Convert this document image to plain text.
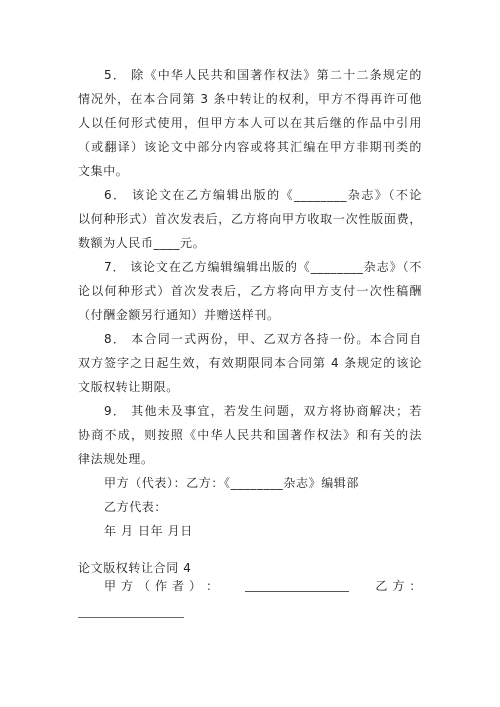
5． 除《中华人民共和国著作权法》第二十二条规定的
情况外，在本合同第 3 条中转让的权利，甲方不得再许可他
人以任何形式使用，但甲方本人可以在其后继的作品中引用
（或翻译）该论文中部分内容或将其汇编在甲方非期刊类的
文集中。
6． 该论文在乙方编辑出版的《________杂志》（不论
以何种形式）首次发表后，乙方将向甲方收取一次性版面费，
数额为人民币____元。
7． 该论文在乙方编辑编辑出版的《________杂志》（不
论以何种形式）首次发表后，乙方将向甲方支付一次性稿酬
（付酬金额另行通知）并赠送样刊。
8． 本合同一式两份，甲、乙双方各持一份。本合同自
双方签字之日起生效，有效期限同本合同第 4 条规定的该论
文版权转让期限。
9． 其他未及事宜，若发生问题，双方将协商解决；若
协商不成，则按照《中华人民共和国著作权法》和有关的法
律法规处理。
甲方（代表）：乙方：《________杂志》编辑部
乙方代表：
年 月 日年 月日
论文版权转让合同 4
甲 方 （ 作 者 ） ：	乙 方 ：
